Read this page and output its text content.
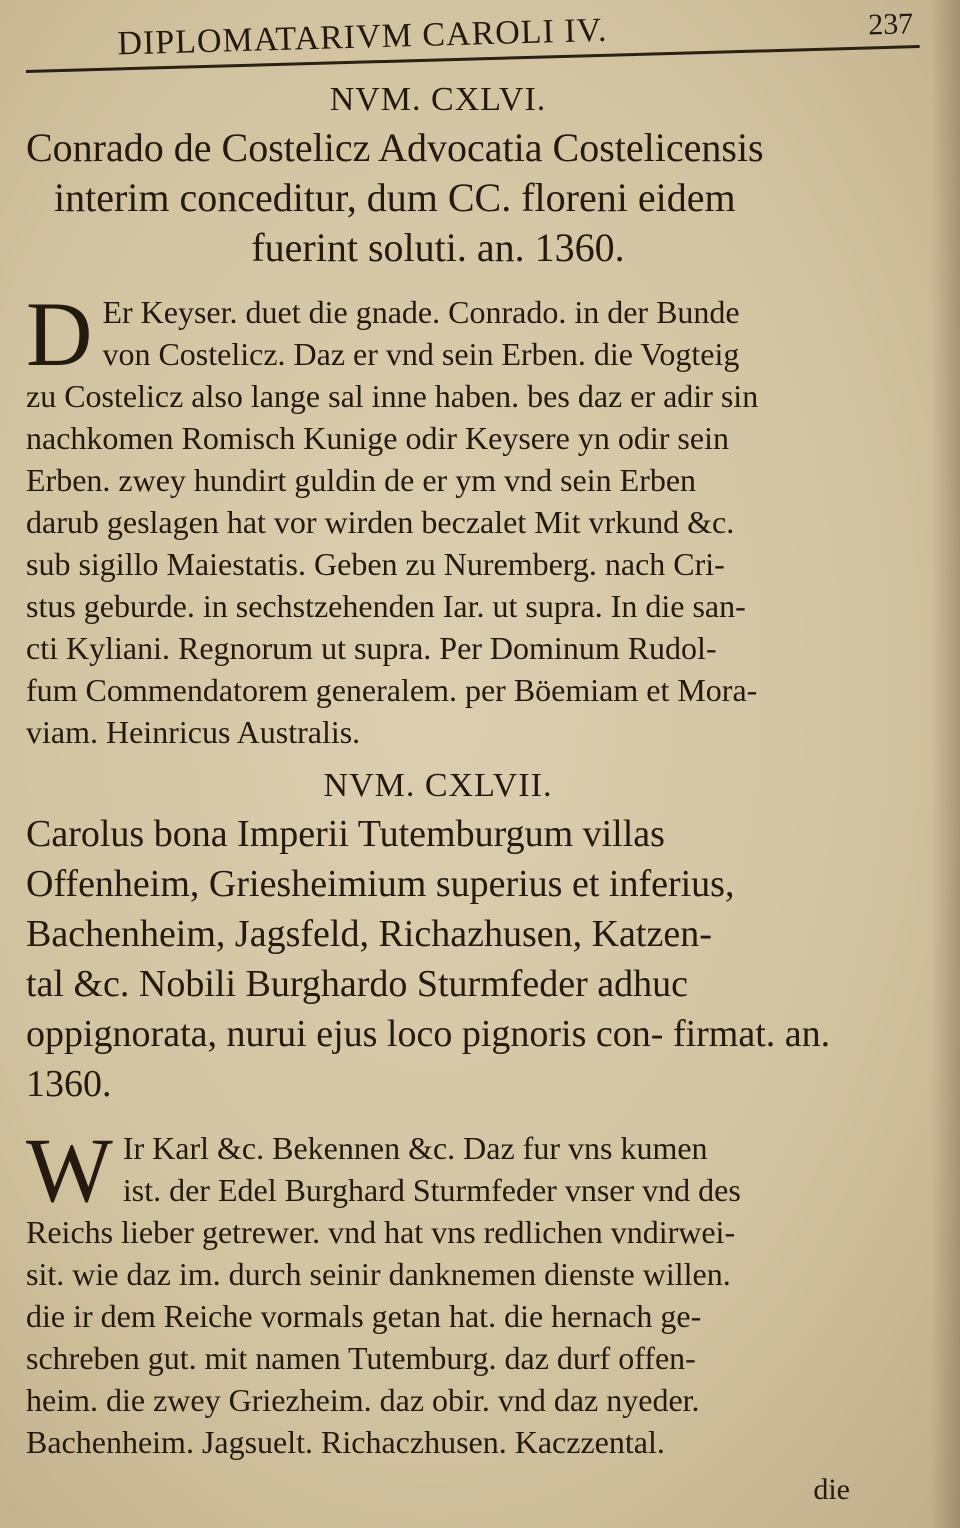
DIPLOMATARIVM CAROLI IV.	237
NVM. CXLVI.

Conrado de Costelicz Advocatia Costelicensis
interim conceditur, dum CC. floreni eidem

fuerint soluti. an. 1360.

D Er Keyser. duet die gnade. Conrado. in der Bunde
von Costelicz. Daz er vnd sein Erben. die Vogteig
zu Costelicz also lange sal inne haben. bes daz er adir sin
nachkomen Romisch Kunige odir Keysere yn odir sein
Erben. zwey hundirt guldin de er ym vnd sein Erben
darub geslagen hat vor wirden beczalet Mit vrkund &c.
sub sigillo Maiestatis. Geben zu Nuremberg. nach Cri-
stus geburde. in sechstzehenden Iar. ut supra. In die san-
cti Kyliani. Regnorum ut supra. Per Dominum Rudol-
fum Commendatorem generalem. per Böemiam et Mora-
viam. Heinricus Australis.
NVM. CXLVII.

Carolus bona Imperii Tutemburgum villas
Offenheim, Griesheimium superius et inferius,
Bachenheim, Jagsfeld, Richazhusen, Katzen-
tal &c. Nobili Burghardo Sturmfeder adhuc
oppignorata, nurui ejus loco pignoris con- firmat. an. 1360.

W Ir Karl &c. Bekennen &c. Daz fur vns kumen
ist. der Edel Burghard Sturmfeder vnser vnd des
Reichs lieber getrewer. vnd hat vns redlichen vndirwei-
sit. wie daz im. durch seinir danknemen dienste willen.
die ir dem Reiche vormals getan hat. die hernach ge-
schreben gut. mit namen Tutemburg. daz durf offen-
heim. die zwey Griezheim. daz obir. vnd daz nyeder.
Bachenheim. Jagsuelt. Richaczhusen. Kaczzental.
die
